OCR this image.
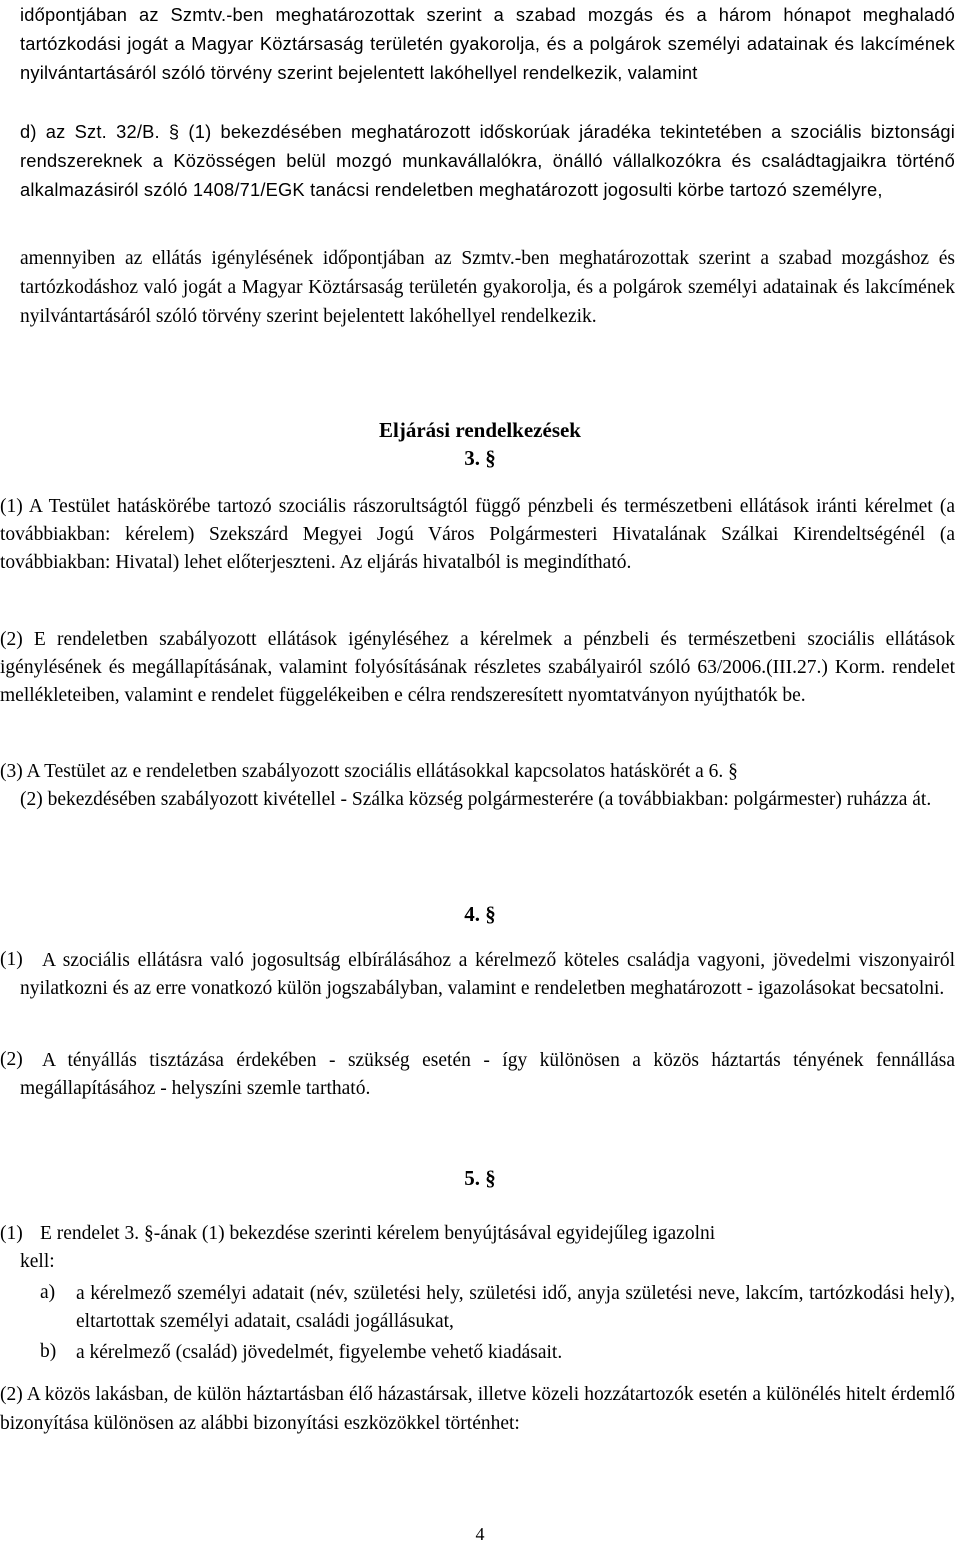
időpontjában az Szmtv.-ben meghatározottak szerint a szabad mozgás és a három hónapot meghaladó tartózkodási jogát a Magyar Köztársaság területén gyakorolja, és a polgárok személyi adatainak és lakcímének nyilvántartásáról szóló törvény szerint bejelentett lakóhellyel rendelkezik, valamint

d) az Szt. 32/B. § (1) bekezdésében meghatározott időskorúak járadéka tekintetében a szociális biztonsági rendszereknek a Közösségen belül mozgó munkavállalókra, önálló vállalkozókra és családtagjaikra történő alkalmazásiról szóló 1408/71/EGK tanácsi rendeletben meghatározott jogosulti körbe tartozó személyre,

amennyiben az ellátás igénylésének időpontjában az Szmtv.-ben meghatározottak szerint a szabad mozgáshoz és tartózkodáshoz való jogát a Magyar Köztársaság területén gyakorolja, és a polgárok személyi adatainak és lakcímének nyilvántartásáról szóló törvény szerint bejelentett lakóhellyel rendelkezik.

Eljárási rendelkezések

3. §

(1) A Testület hatáskörébe tartozó szociális rászorultságtól függő pénzbeli és természetbeni ellátások iránti kérelmet (a továbbiakban: kérelem) Szekszárd Megyei Jogú Város Polgármesteri Hivatalának Szálkai Kirendeltségénél (a továbbiakban: Hivatal) lehet előterjeszteni. Az eljárás hivatalból is megindítható.

(2) E rendeletben szabályozott ellátások igényléséhez a kérelmek a pénzbeli és természetbeni szociális ellátások igénylésének és megállapításának, valamint folyósításának részletes szabályairól szóló 63/2006.(III.27.) Korm. rendelet mellékleteiben, valamint e rendelet függelékeiben e célra rendszeresített nyomtatványon nyújthatók be.

(3) A Testület az e rendeletben szabályozott szociális ellátásokkal kapcsolatos hatáskörét a 6. §

(2) bekezdésében szabályozott kivétellel - Szálka község polgármesterére (a továbbiakban: polgármester) ruházza át.

4. §

(1) A szociális ellátásra való jogosultság elbírálásához a kérelmező köteles családja vagyoni, jövedelmi viszonyairól nyilatkozni és az erre vonatkozó külön jogszabályban, valamint e rendeletben meghatározott - igazolásokat becsatolni.

(2) A tényállás tisztázása érdekében - szükség esetén - így különösen a közös háztartás tényének fennállása megállapításához - helyszíni szemle tartható.

5. §

(1) E rendelet 3. §-ának (1) bekezdése szerinti kérelem benyújtásával egyidejűleg igazolni

kell:

a) a kérelmező személyi adatait (név, születési hely, születési idő, anyja születési neve, lakcím, tartózkodási hely), eltartottak személyi adatait, családi jogállásukat,

b) a kérelmező (család) jövedelmét, figyelembe vehető kiadásait.

(2) A közös lakásban, de külön háztartásban élő házastársak, illetve közeli hozzátartozók esetén a különélés hitelt érdemlő bizonyítása különösen az alábbi bizonyítási eszközökkel történhet:

4
